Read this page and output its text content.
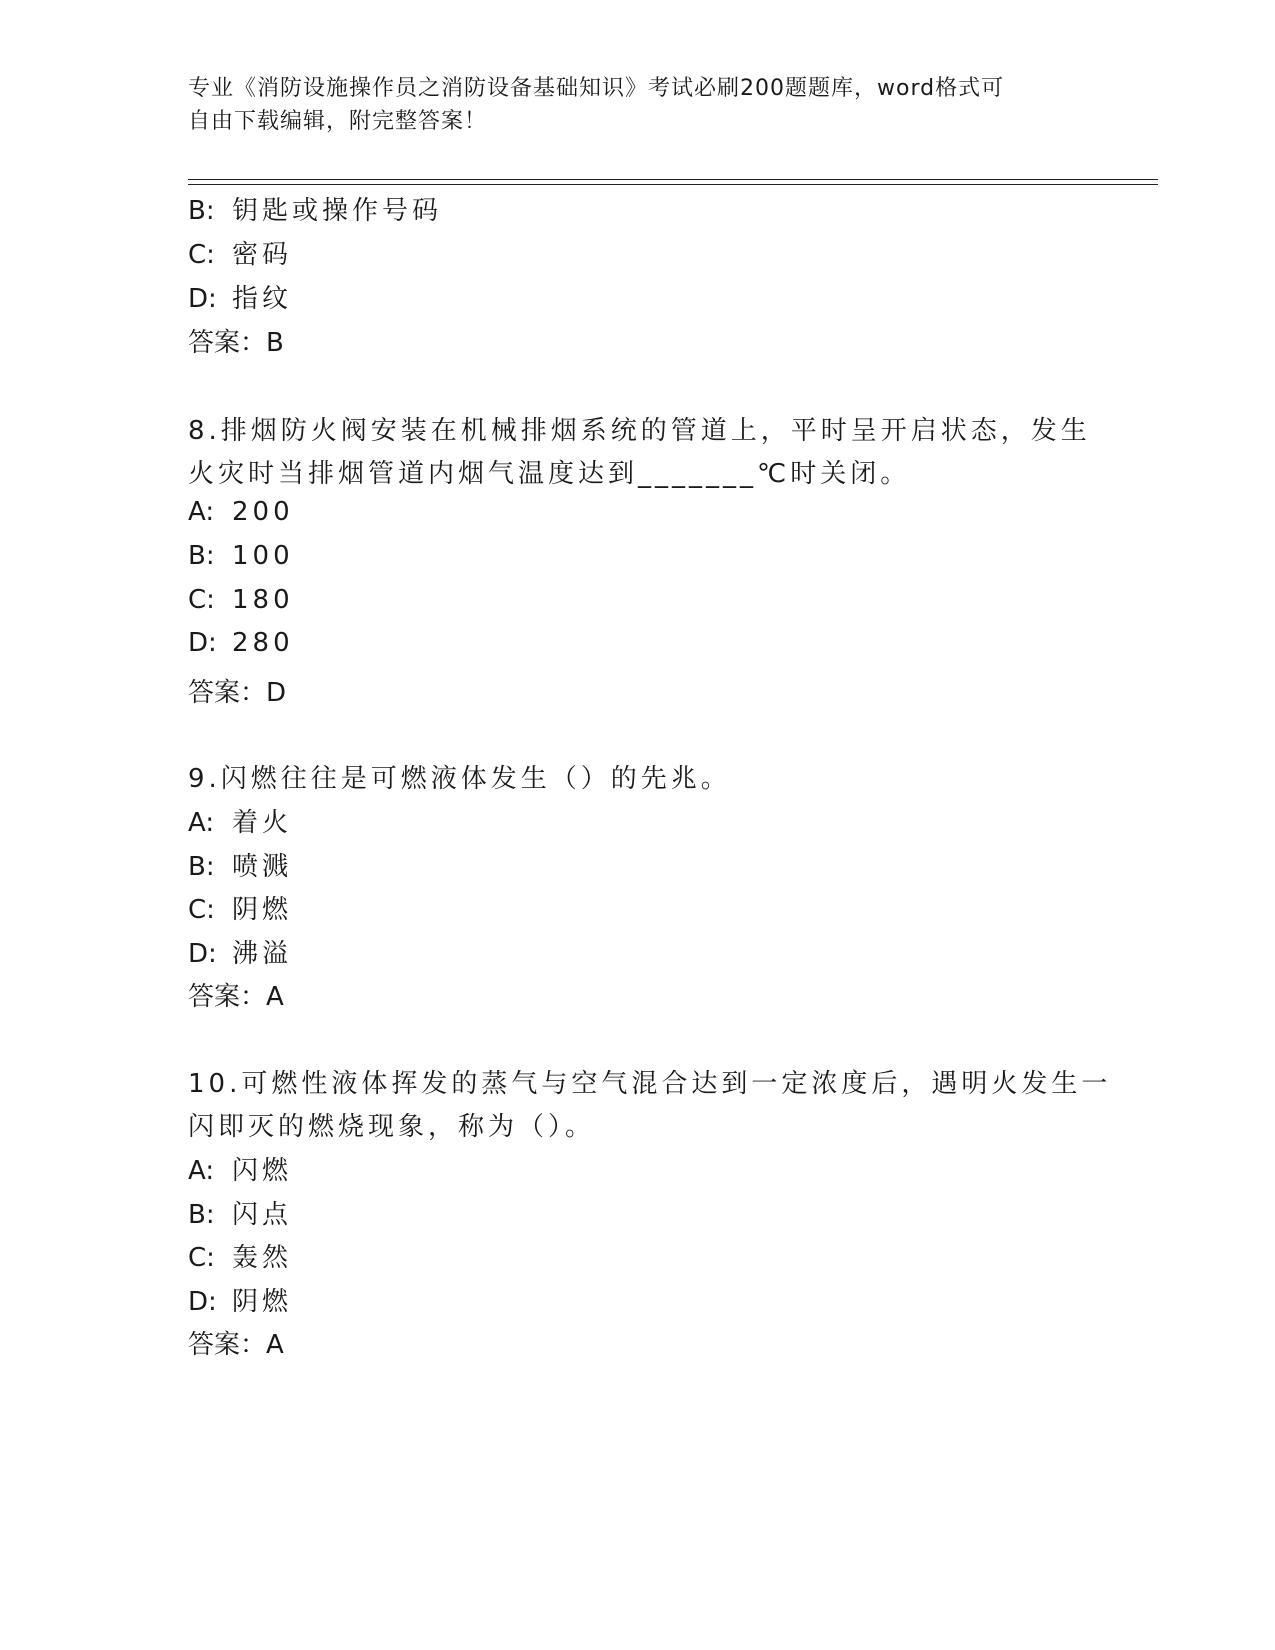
专业《消防设施操作员之消防设备基础知识》考试必刷200题题库，word格式可
自由下载编辑，附完整答案！
B: 钥匙或操作号码
C: 密码
D: 指纹
答案：B
8.排烟防火阀安装在机械排烟系统的管道上，平时呈开启状态，发生
火灾时当排烟管道内烟气温度达到_______℃时关闭。
A: 200
B: 100
C: 180
D: 280
答案：D
9.闪燃往往是可燃液体发生（）的先兆。
A: 着火
B: 喷溅
C: 阴燃
D: 沸溢
答案：A
10.可燃性液体挥发的蒸气与空气混合达到一定浓度后，遇明火发生一
闪即灭的燃烧现象，称为（）。
A: 闪燃
B: 闪点
C: 轰然
D: 阴燃
答案：A
